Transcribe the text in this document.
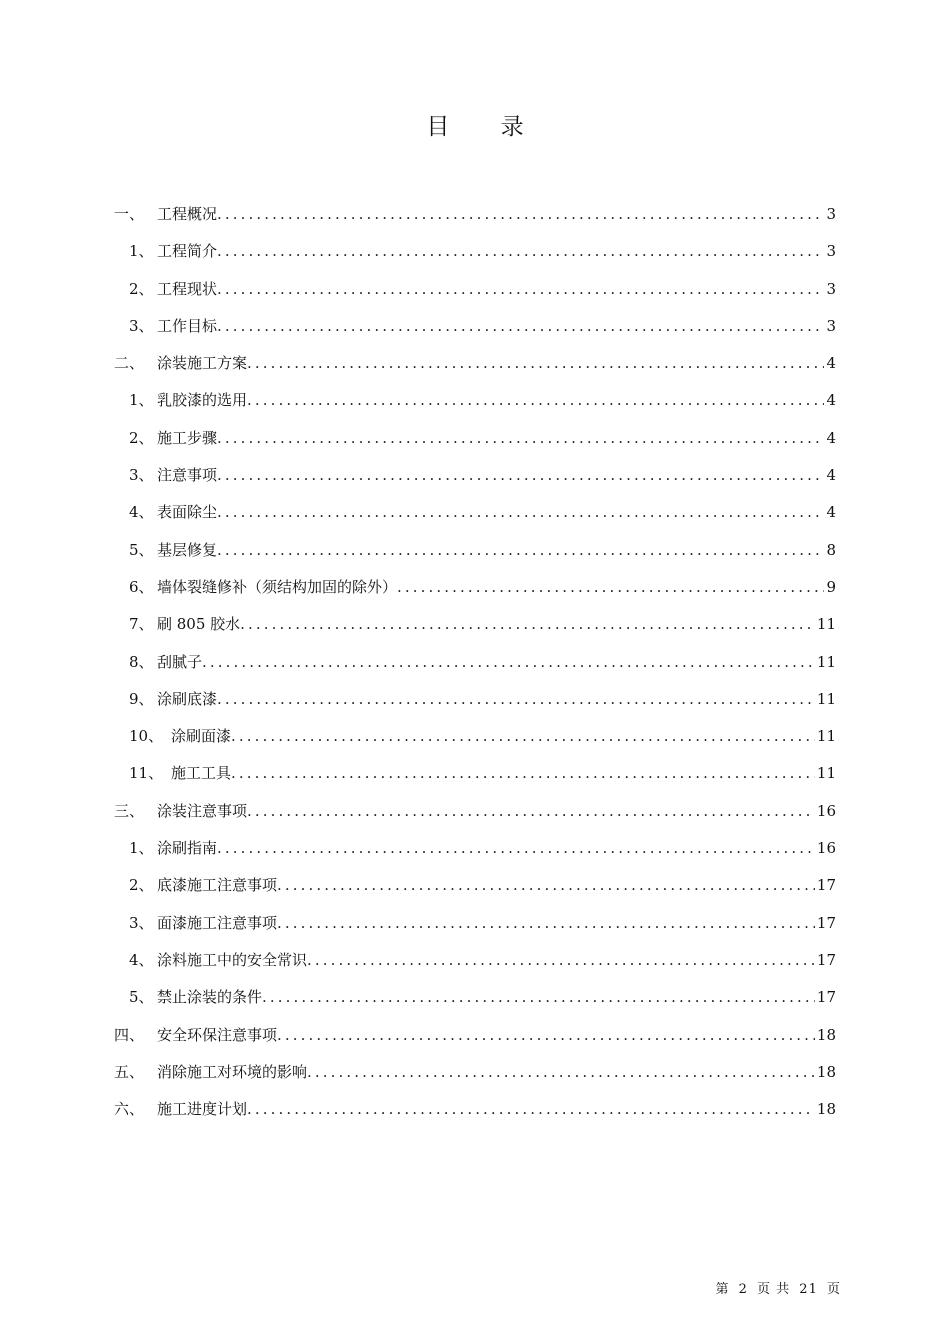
目 录
一、 工程概况 .....	3
1、 工程简介 .....	3
2、 工程现状 .....	3
3、 工作目标 .....	3
二、 涂装施工方案 .....	4
1、 乳胶漆的选用 .....	4
2、 施工步骤 .....	4
3、 注意事项 .....	4
4、 表面除尘 .....	4
5、 基层修复 .....	8
6、 墙体裂缝修补（须结构加固的除外） .....	9
7、 刷 805 胶水 .....	11
8、 刮腻子 .....	11
9、 涂刷底漆 .....	11
10、 涂刷面漆 .....	11
11、 施工工具 .....	11
三、 涂装注意事项 .....	16
1、 涂刷指南 .....	16
2、 底漆施工注意事项 .....	17
3、 面漆施工注意事项 .....	17
4、 涂料施工中的安全常识 .....	17
5、 禁止涂装的条件 .....	17
四、 安全环保注意事项 .....	18
五、 消除施工对环境的影响 .....	18
六、 施工进度计划 .....	18
第 2 页 共 21 页
